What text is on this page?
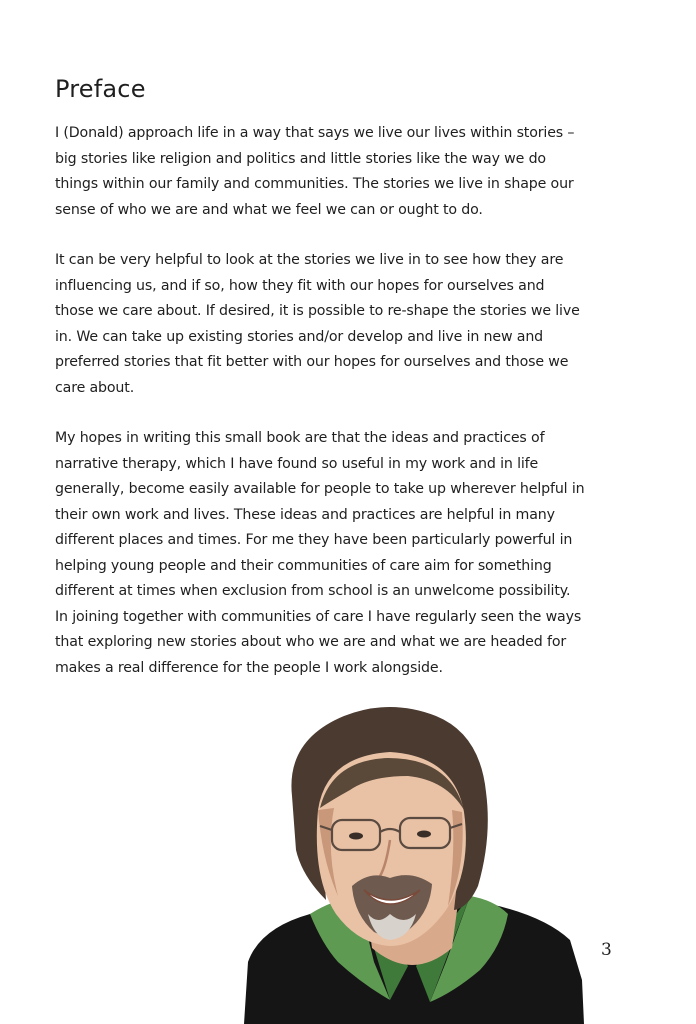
Preface

I (Donald) approach life in a way that says we live our lives within stories – big stories like religion and politics and little stories like the way we do things within our family and communities. The stories we live in shape our sense of who we are and what we feel we can or ought to do.

It can be very helpful to look at the stories we live in to see how they are influencing us, and if so, how they fit with our hopes for ourselves and those we care about. If desired, it is possible to re-shape the stories we live in. We can take up existing stories and/or develop and live in new and preferred stories that fit better with our hopes for ourselves and those we care about.

My hopes in writing this small book are that the ideas and practices of narrative therapy, which I have found so useful in my work and in life generally, become easily available for people to take up wherever helpful in their own work and lives. These ideas and practices are helpful in many different places and times. For me they have been particularly powerful in helping young people and their communities of care aim for something different at times when exclusion from school is an unwelcome possibility. In joining together with communities of care I have regularly seen the ways that exploring new stories about who we are and what we are headed for makes a real difference for the people I work alongside.

3
